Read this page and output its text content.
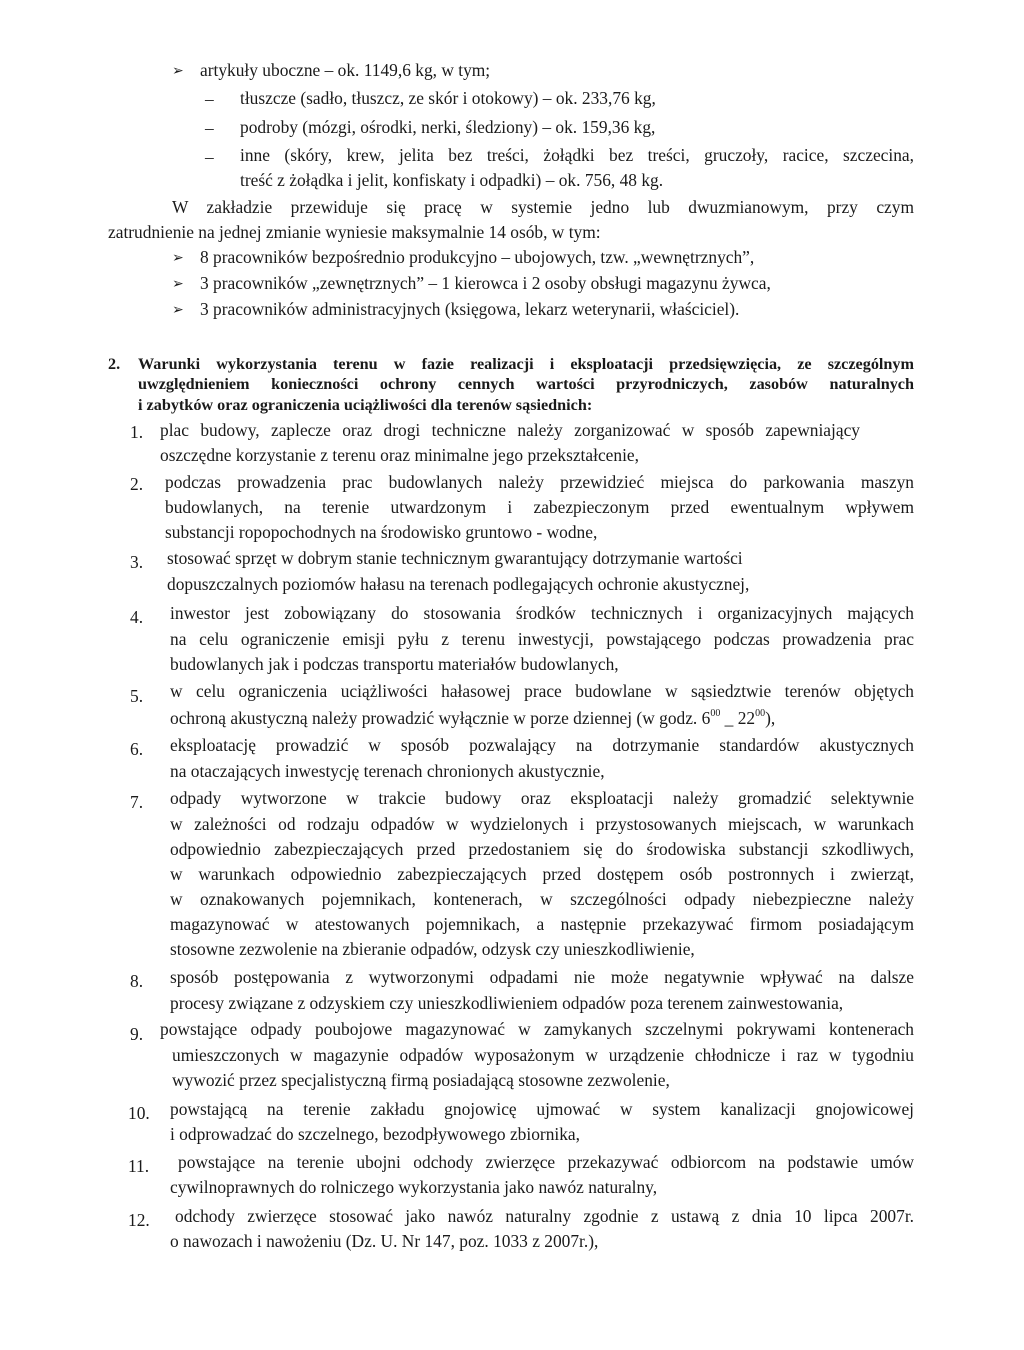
➢ artykuły uboczne – ok. 1149,6 kg, w tym;
– tłuszcze (sadło, tłuszcz, ze skór i otokowy) – ok. 233,76 kg,
– podroby (mózgi, ośrodki, nerki, śledziony) – ok. 159,36 kg,
– inne (skóry, krew, jelita bez treści, żołądki bez treści, gruczoły, racice, szczecina,
treść z żołądka i jelit, konfiskaty i odpadki) – ok. 756, 48 kg.
W zakładzie przewiduje się pracę w systemie jedno lub dwuzmianowym, przy czym
zatrudnienie na jednej zmianie wyniesie maksymalnie 14 osób, w tym:
➢ 8 pracowników bezpośrednio produkcyjno – ubojowych, tzw. „wewnętrznych”,
➢ 3 pracowników „zewnętrznych” – 1 kierowca i 2 osoby obsługi magazynu żywca,
➢ 3 pracowników administracyjnych (księgowa, lekarz weterynarii, właściciel).
2. Warunki wykorzystania terenu w fazie realizacji i eksploatacji przedsięwzięcia, ze szczególnym
uwzględnieniem konieczności ochrony cennych wartości przyrodniczych, zasobów naturalnych
i zabytków oraz ograniczenia uciążliwości dla terenów sąsiednich:
1. plac budowy, zaplecze oraz drogi techniczne należy zorganizować w sposób zapewniający
oszczędne korzystanie z terenu oraz minimalne jego przekształcenie,
2. podczas prowadzenia prac budowlanych należy przewidzieć miejsca do parkowania maszyn
budowlanych, na terenie utwardzonym i zabezpieczonym przed ewentualnym wpływem
substancji ropopochodnych na środowisko gruntowo - wodne,
3. stosować sprzęt w dobrym stanie technicznym gwarantujący dotrzymanie wartości
dopuszczalnych poziomów hałasu na terenach podlegających ochronie akustycznej,
4. inwestor jest zobowiązany do stosowania środków technicznych i organizacyjnych mających
na celu ograniczenie emisji pyłu z terenu inwestycji, powstającego podczas prowadzenia prac
budowlanych jak i podczas transportu materiałów budowlanych,
5. w celu ograniczenia uciążliwości hałasowej prace budowlane w sąsiedztwie terenów objętych
ochroną akustyczną należy prowadzić wyłącznie w porze dziennej (w godz. $6^{00}$ _ $22^{00}$),
6. eksploatację prowadzić w sposób pozwalający na dotrzymanie standardów akustycznych
na otaczających inwestycję terenach chronionych akustycznie,
7. odpady wytworzone w trakcie budowy oraz eksploatacji należy gromadzić selektywnie
w zależności od rodzaju odpadów w wydzielonych i przystosowanych miejscach, w warunkach
odpowiednio zabezpieczających przed przedostaniem się do środowiska substancji szkodliwych,
w warunkach odpowiednio zabezpieczających przed dostępem osób postronnych i zwierząt,
w oznakowanych pojemnikach, kontenerach, w szczególności odpady niebezpieczne należy
magazynować w atestowanych pojemnikach, a następnie przekazywać firmom posiadającym
stosowne zezwolenie na zbieranie odpadów, odzysk czy unieszkodliwienie,
8. sposób postępowania z wytworzonymi odpadami nie może negatywnie wpływać na dalsze
procesy związane z odzyskiem czy unieszkodliwieniem odpadów poza terenem zainwestowania,
9. powstające odpady poubojowe magazynować w zamykanych szczelnymi pokrywami kontenerach
umieszczonych w magazynie odpadów wyposażonym w urządzenie chłodnicze i raz w tygodniu
wywozić przez specjalistyczną firmą posiadającą stosowne zezwolenie,
10. powstającą na terenie zakładu gnojowicę ujmować w system kanalizacji gnojowicowej
i odprowadzać do szczelnego, bezodpływowego zbiornika,
11. powstające na terenie ubojni odchody zwierzęce przekazywać odbiorcom na podstawie umów
cywilnoprawnych do rolniczego wykorzystania jako nawóz naturalny,
12. odchody zwierzęce stosować jako nawóz naturalny zgodnie z ustawą z dnia 10 lipca 2007r.
o nawozach i nawożeniu (Dz. U. Nr 147, poz. 1033 z 2007r.),
